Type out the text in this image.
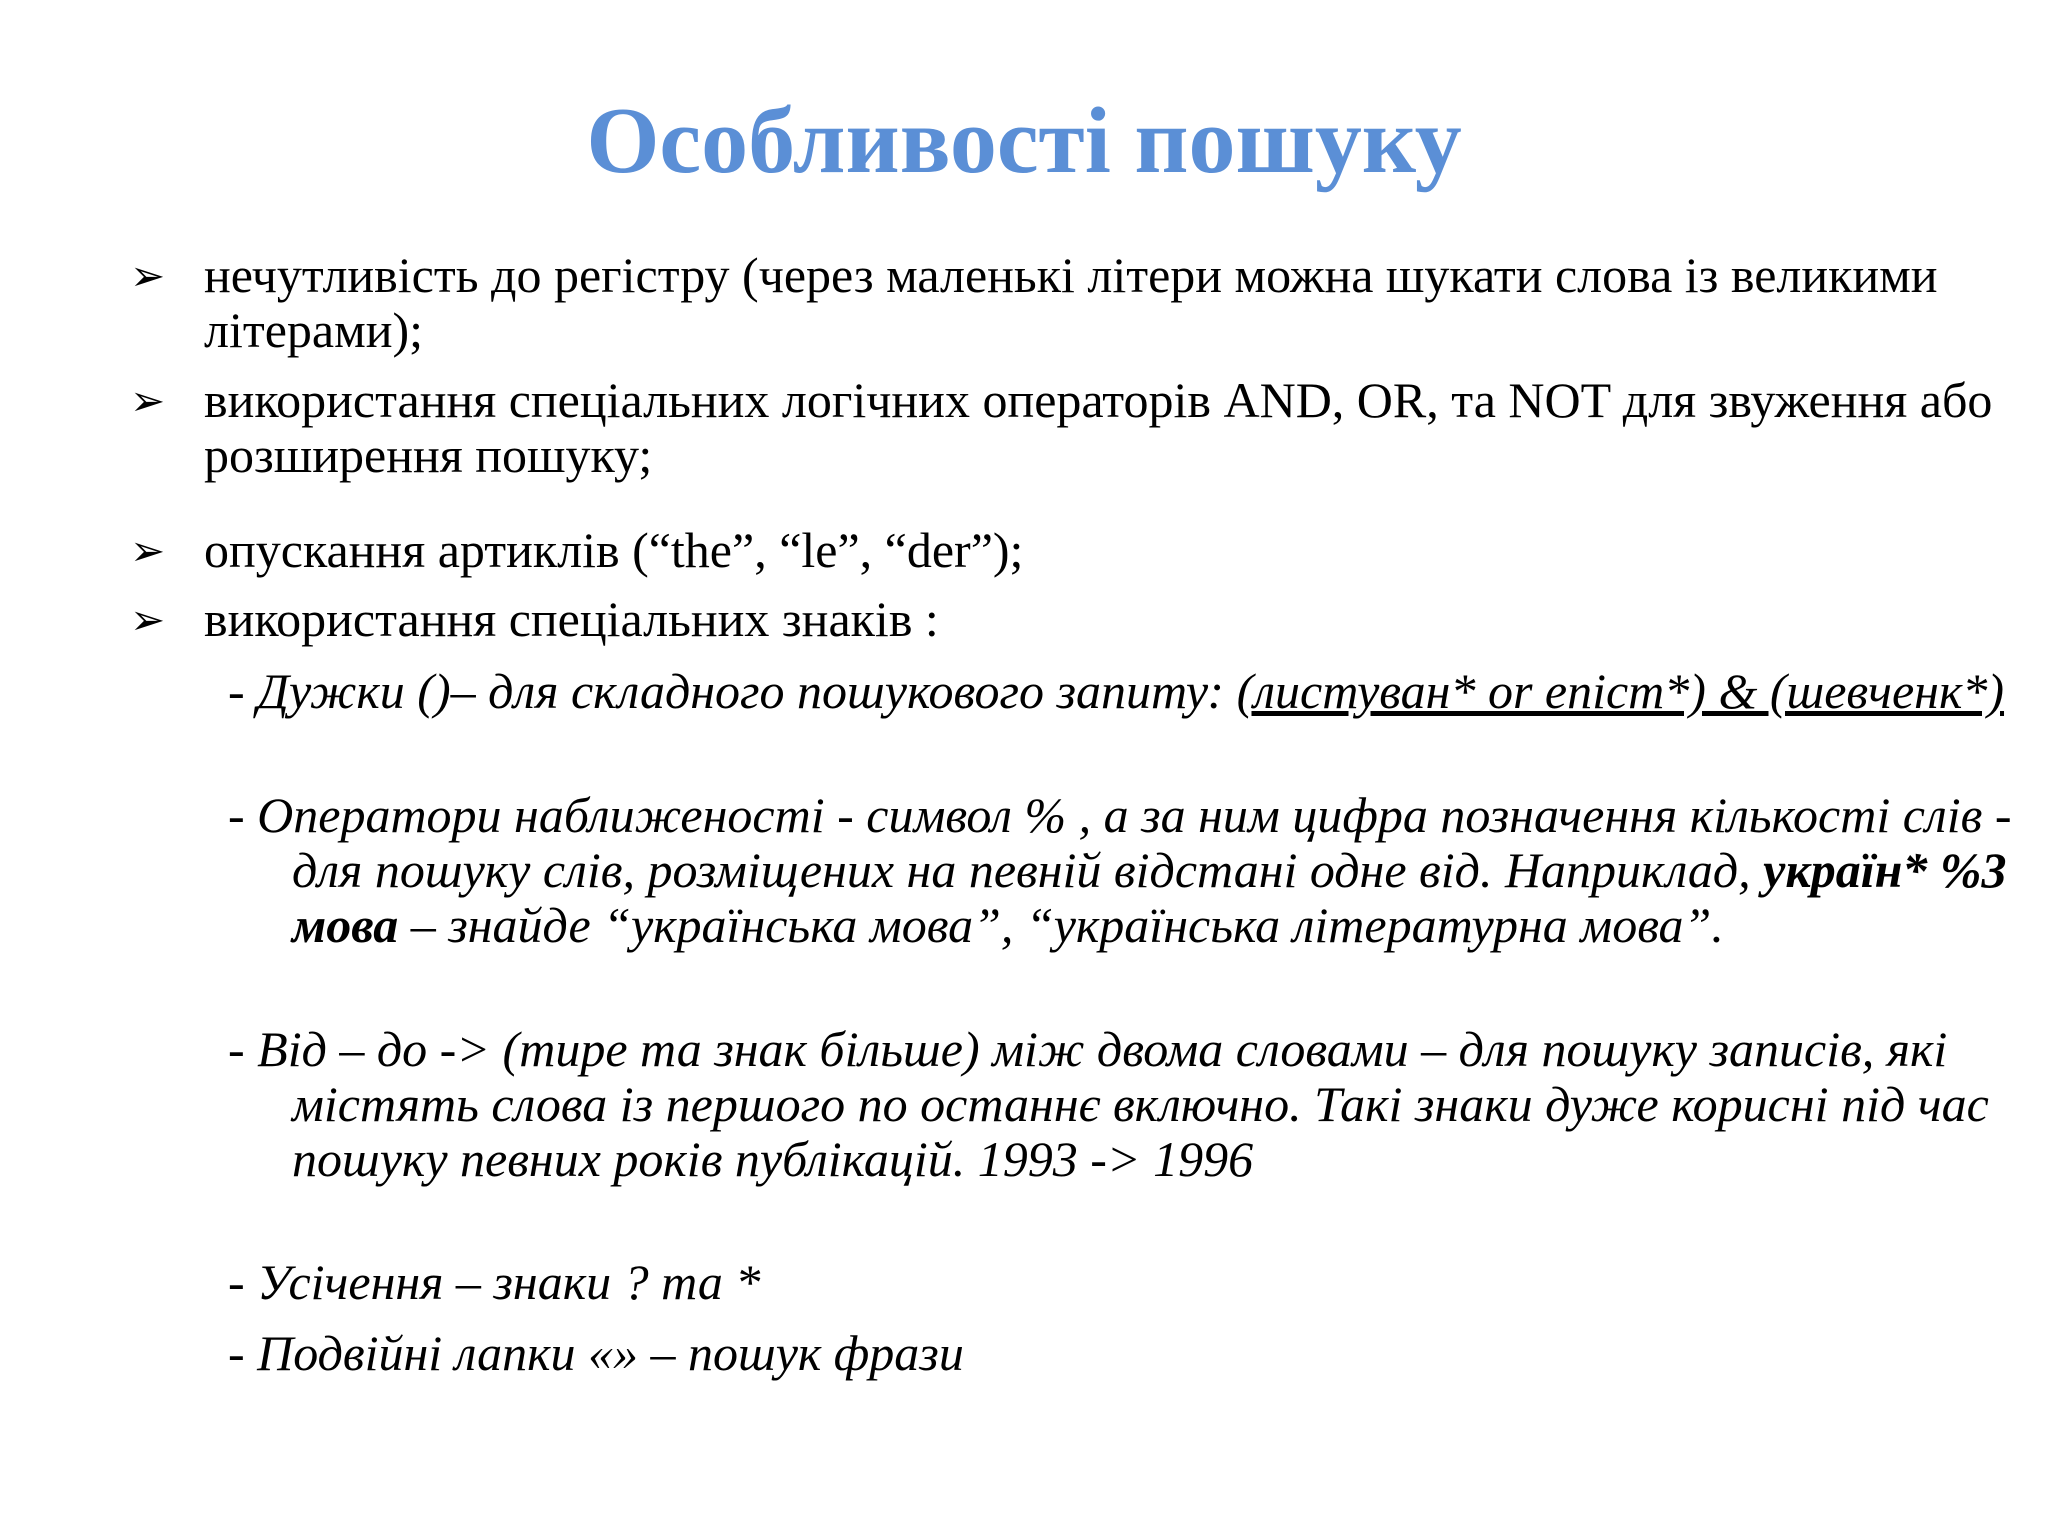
Особливості пошуку
➢ нечутливість до регістру (через маленькі літери можна шукати слова із великими літерами);
➢ використання спеціальних логічних операторів AND, OR, та NOT для звуження або розширення пошуку;
➢ опускання артиклів (“the”, “le”, “der”);
➢ використання спеціальних знаків :
- Дужки ()– для складного пошукового запиту: (листуван* or епіст*) & (шевченк*)
- Оператори наближеності - символ % , а за ним цифра позначення кількості слів - для пошуку слів, розміщених на певній відстані одне від. Наприклад, україн* %3 мова – знайде “українська мова”, “українська літературна мова”.
- Від – до -> (тире та знак більше) між двома словами – для пошуку записів, які містять слова із першого по останнє включно. Такі знаки дуже корисні під час пошуку певних років публікацій. 1993 -> 1996
- Усічення – знаки ? та *
- Подвійні лапки «» – пошук фрази
